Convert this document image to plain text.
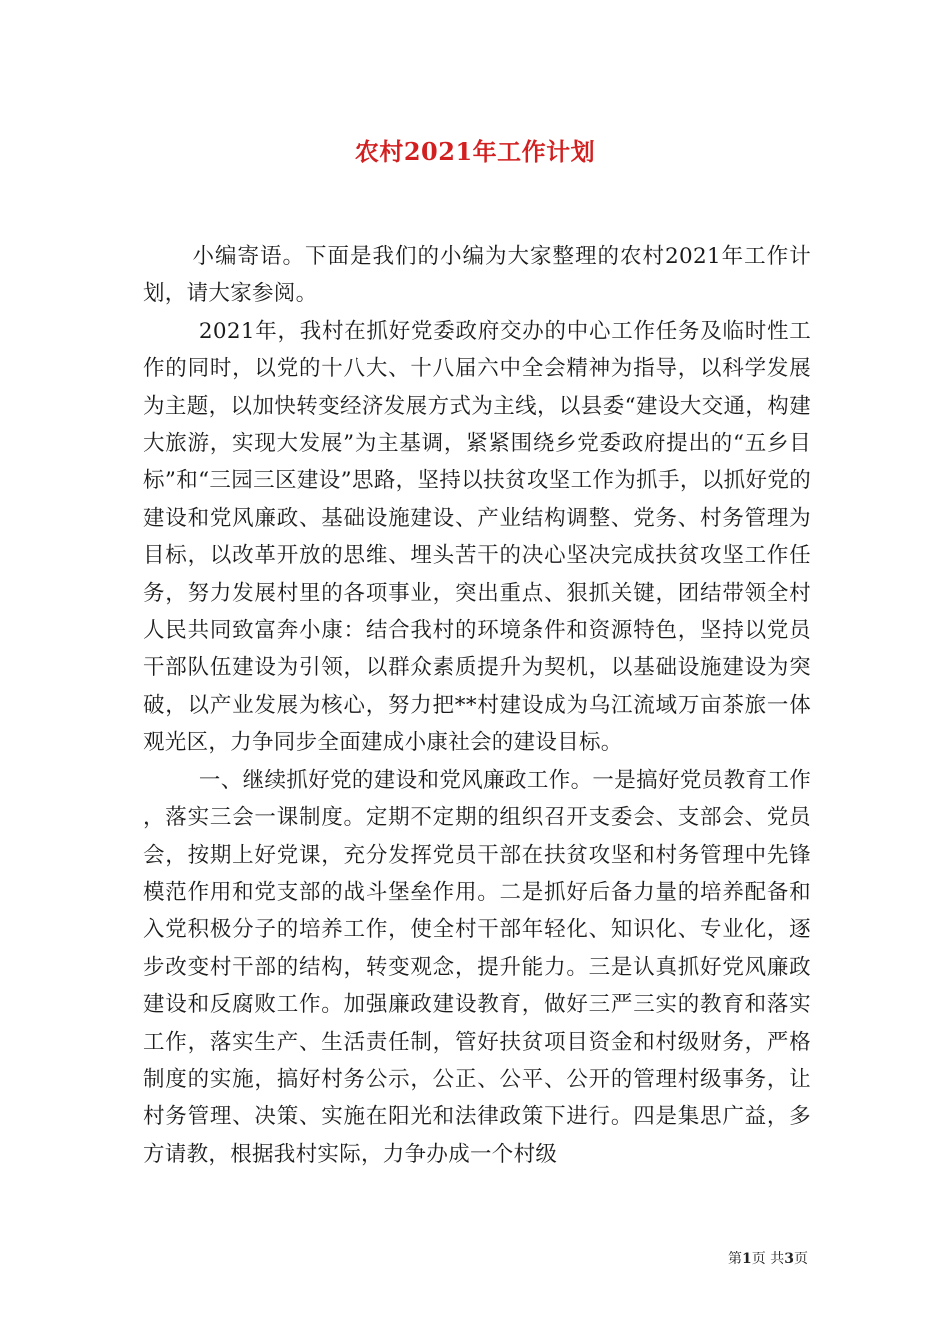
农村2021年工作计划

小编寄语。下面是我们的小编为大家整理的农村2021年工作计划，请大家参阅。

2021年，我村在抓好党委政府交办的中心工作任务及临时性工作的同时，以党的十八大、十八届六中全会精神为指导，以科学发展为主题，以加快转变经济发展方式为主线，以县委“建设大交通，构建大旅游，实现大发展”为主基调，紧紧围绕乡党委政府提出的“五乡目标”和“三园三区建设”思路，坚持以扶贫攻坚工作为抓手，以抓好党的建设和党风廉政、基础设施建设、产业结构调整、党务、村务管理为目标，以改革开放的思维、埋头苦干的决心坚决完成扶贫攻坚工作任务，努力发展村里的各项事业，突出重点、狠抓关键，团结带领全村人民共同致富奔小康：结合我村的环境条件和资源特色，坚持以党员干部队伍建设为引领，以群众素质提升为契机，以基础设施建设为突破，以产业发展为核心，努力把**村建设成为乌江流域万亩茶旅一体观光区，力争同步全面建成小康社会的建设目标。

一、继续抓好党的建设和党风廉政工作。一是搞好党员教育工作，落实三会一课制度。定期不定期的组织召开支委会、支部会、党员会，按期上好党课，充分发挥党员干部在扶贫攻坚和村务管理中先锋模范作用和党支部的战斗堡垒作用。二是抓好后备力量的培养配备和入党积极分子的培养工作，使全村干部年轻化、知识化、专业化，逐步改变村干部的结构，转变观念，提升能力。三是认真抓好党风廉政建设和反腐败工作。加强廉政建设教育，做好三严三实的教育和落实工作，落实生产、生活责任制，管好扶贫项目资金和村级财务，严格制度的实施，搞好村务公示，公正、公平、公开的管理村级事务，让村务管理、决策、实施在阳光和法律政策下进行。四是集思广益，多方请教，根据我村实际，力争办成一个村级

第1页 共3页
